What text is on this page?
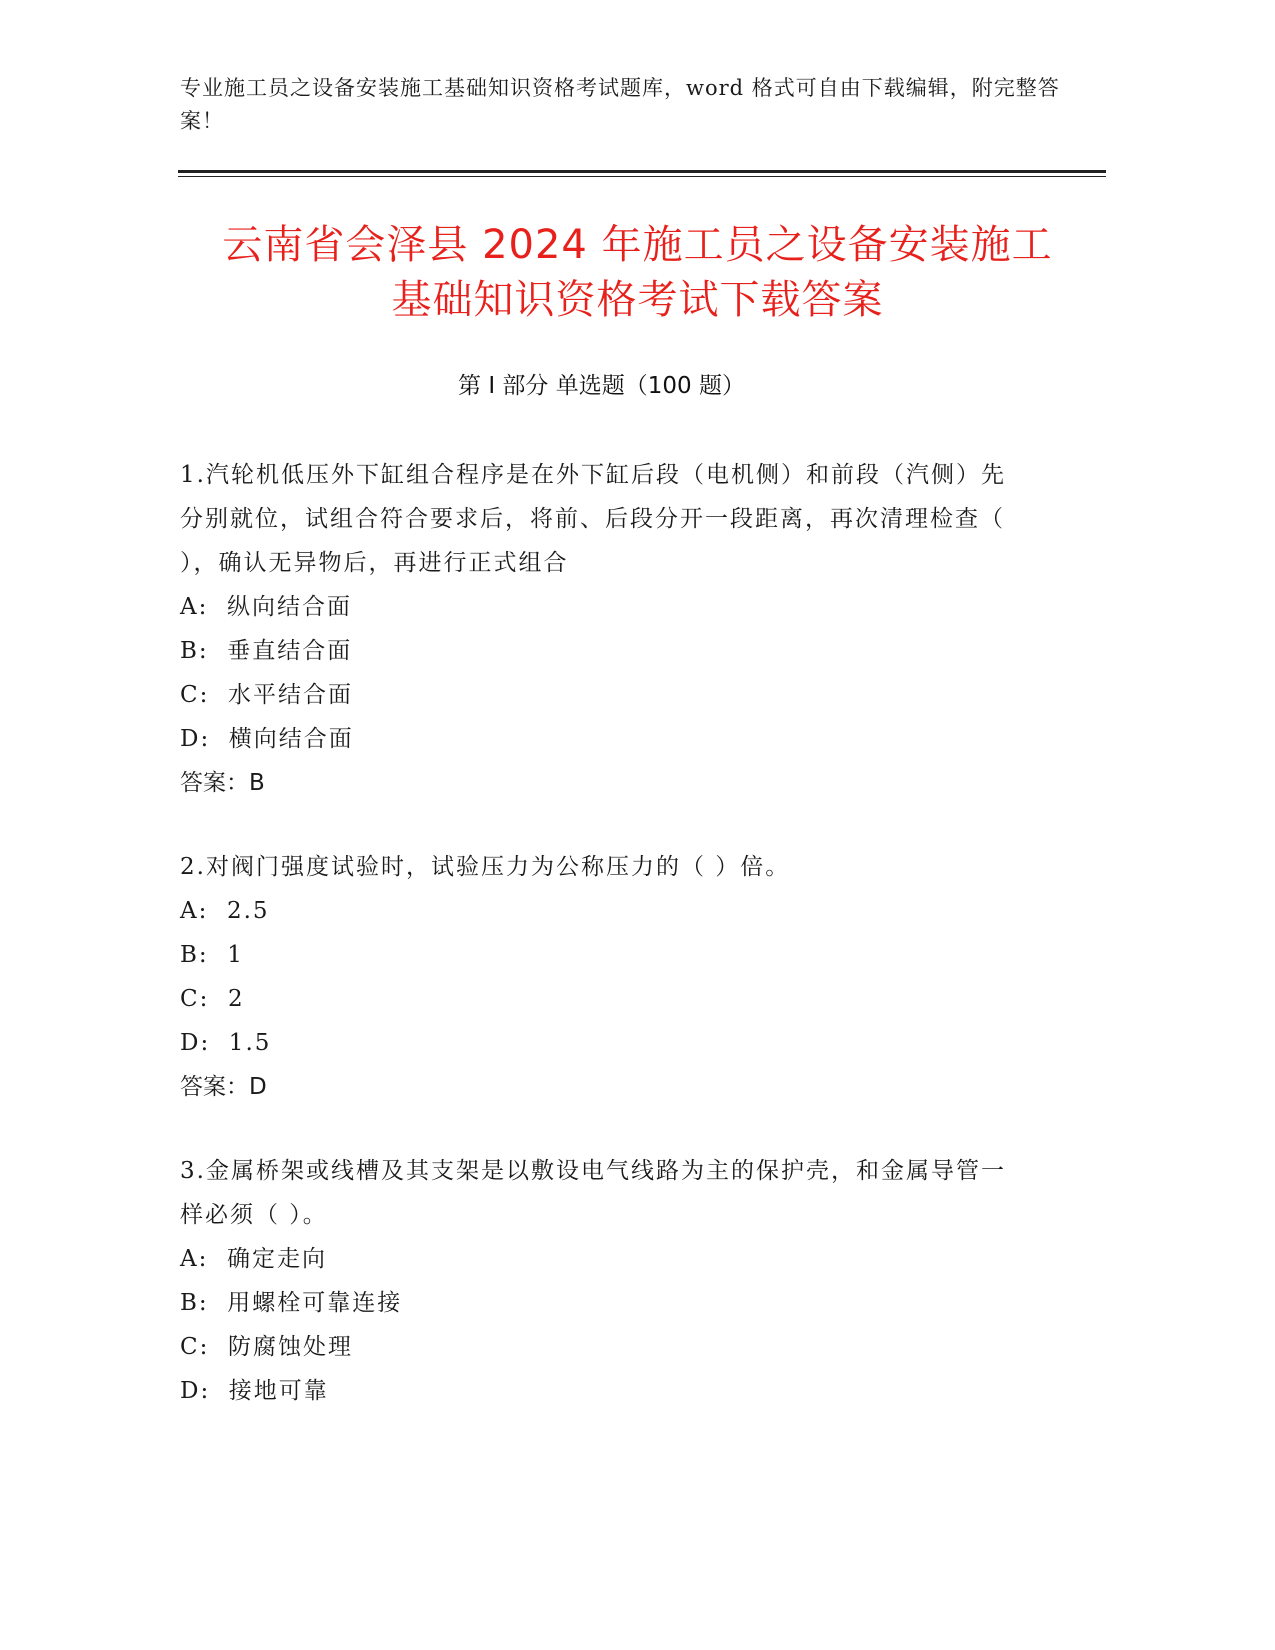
专业施工员之设备安装施工基础知识资格考试题库，word 格式可自由下载编辑，附完整答案！
云南省会泽县 2024 年施工员之设备安装施工
基础知识资格考试下载答案
第 I 部分 单选题（100 题）

1.汽轮机低压外下缸组合程序是在外下缸后段（电机侧）和前段（汽侧）先分别就位，试组合符合要求后，将前、后段分开一段距离，再次清理检查（ ），确认无异物后，再进行正式组合

A:  纵向结合面

B:  垂直结合面

C:  水平结合面

D:  横向结合面

答案：B

2.对阀门强度试验时，试验压力为公称压力的（ ）倍。

A:  2.5

B:  1

C:  2

D:  1.5

答案：D

3.金属桥架或线槽及其支架是以敷设电气线路为主的保护壳，和金属导管一样必须（ ）。

A:  确定走向

B:  用螺栓可靠连接

C:  防腐蚀处理

D:  接地可靠
